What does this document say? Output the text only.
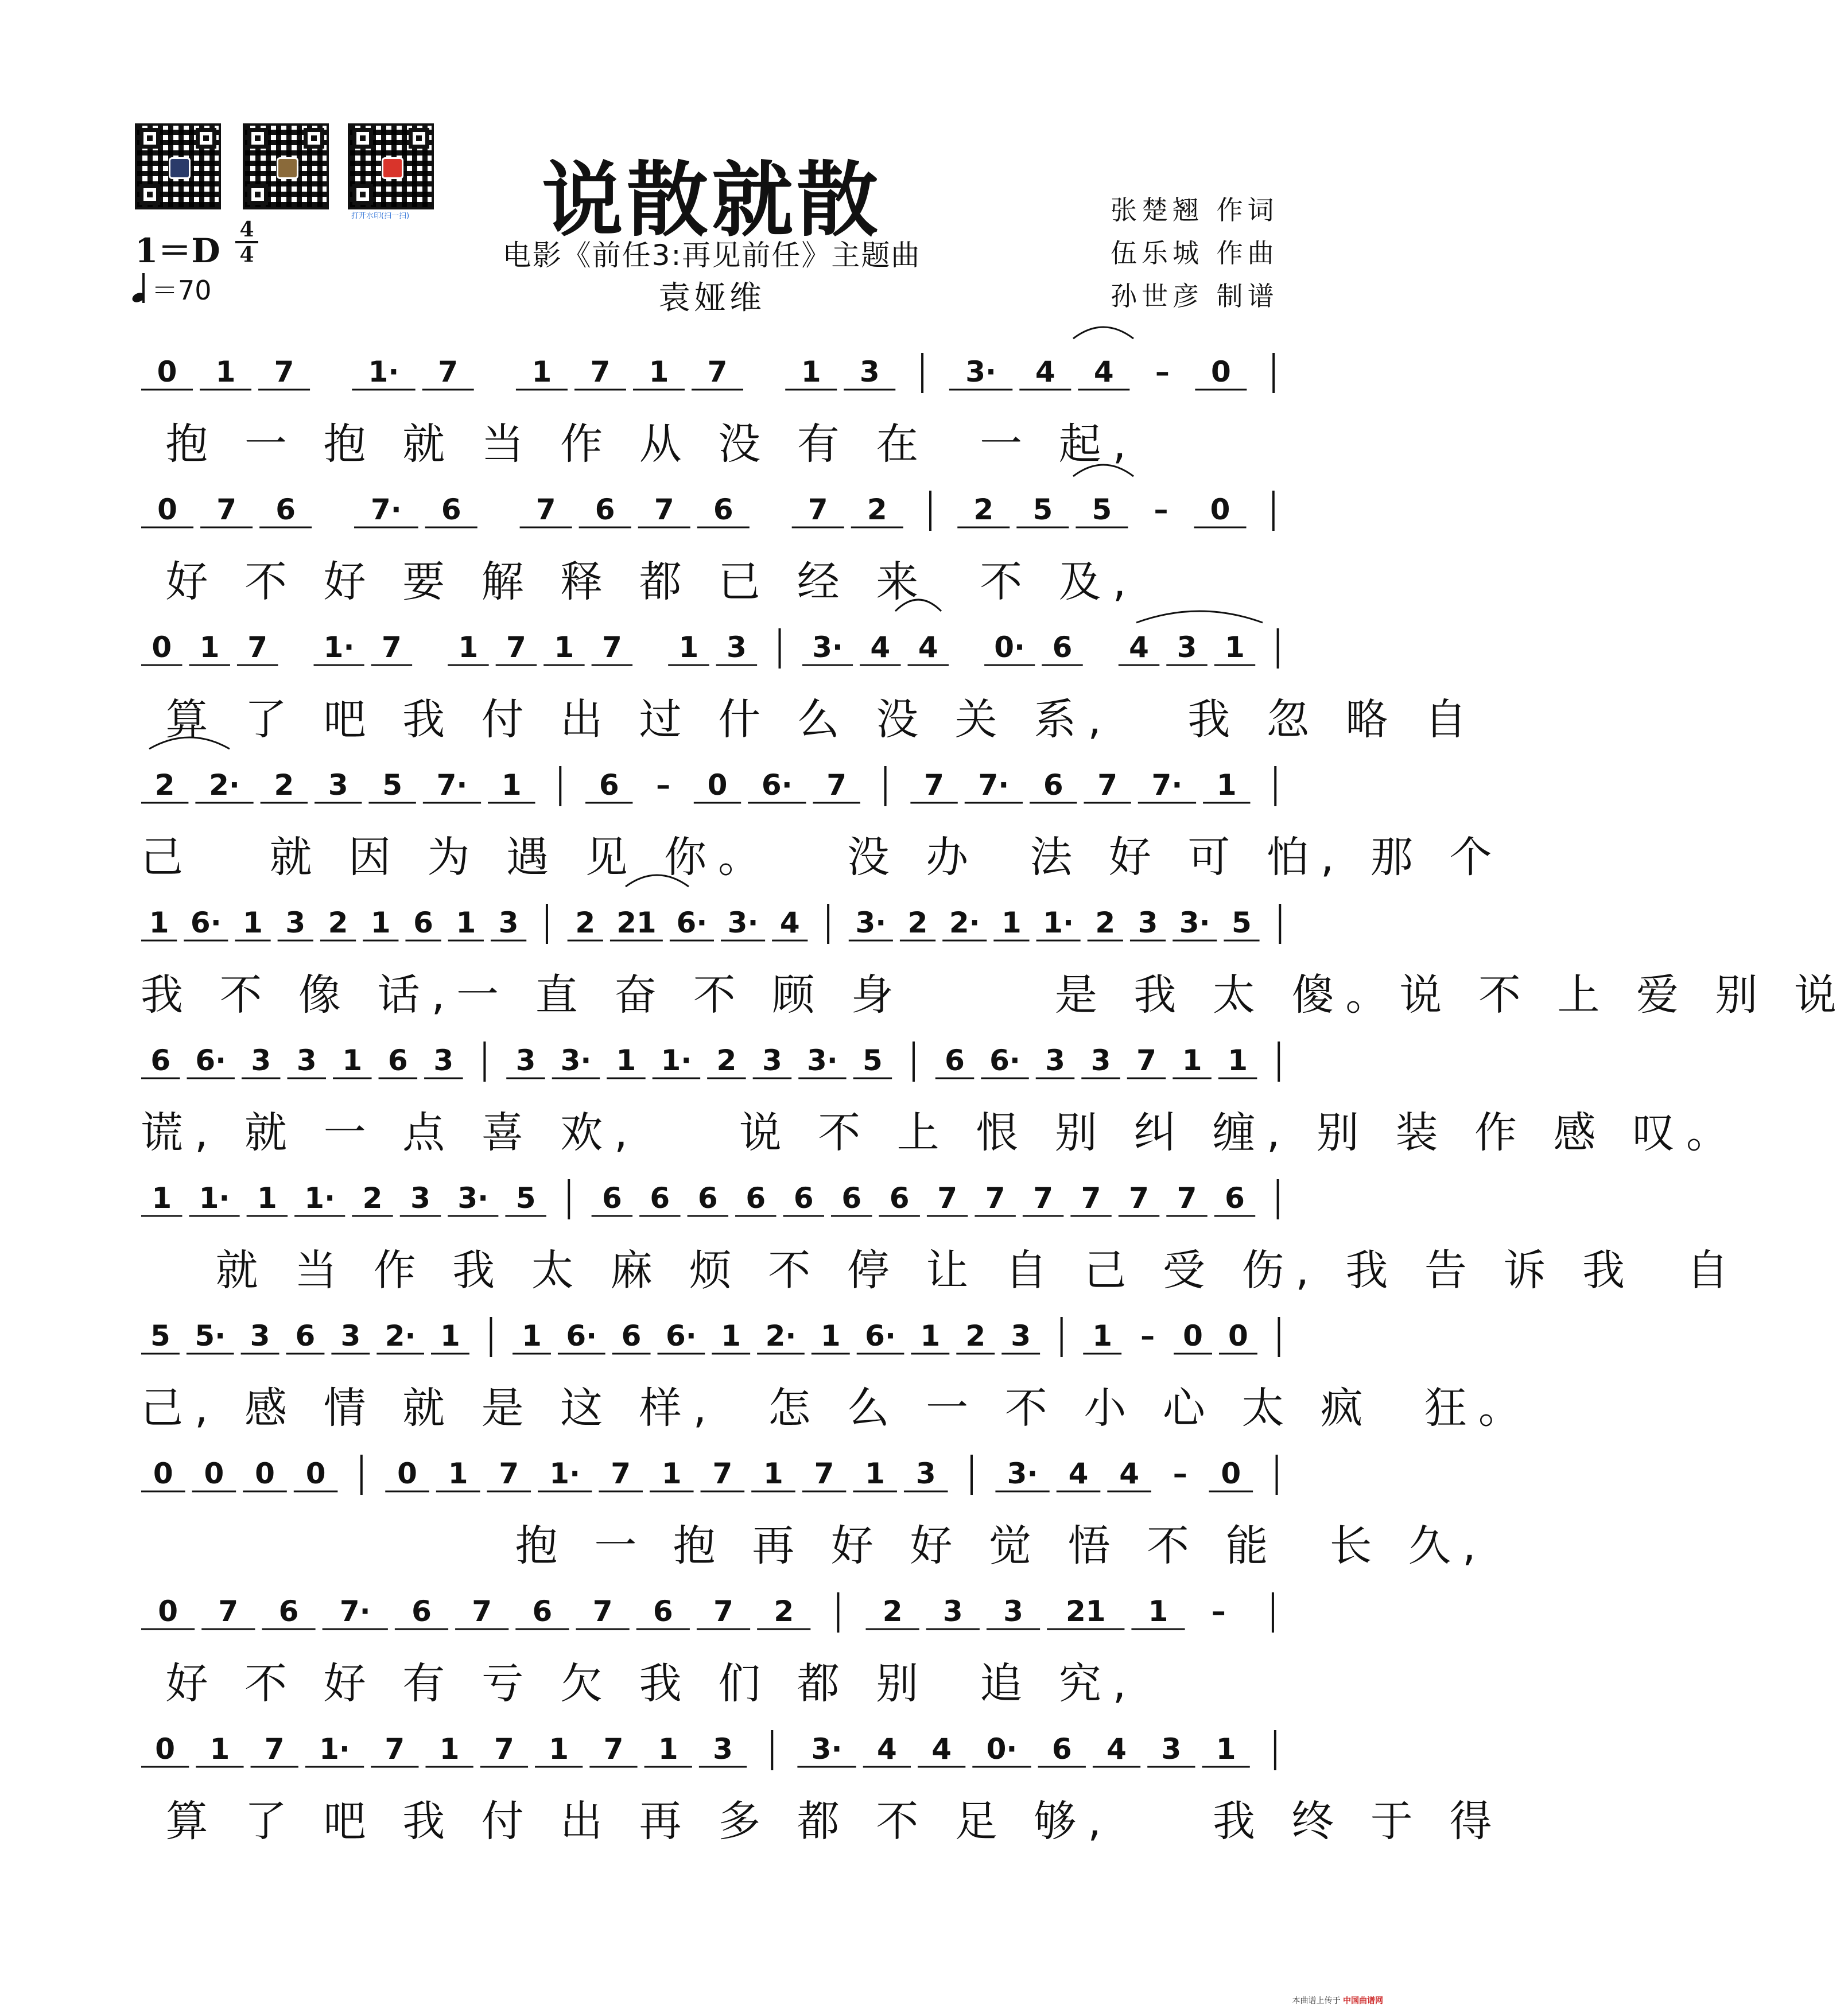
打开水印(扫一扫)	说散就散
电影《前任3:再见前任》主题曲
袁娅维
张楚翘 作词
伍乐城 作曲
孙世彦 制谱
1＝D
4
4
＝70
0 1 7	1· 7	1 7 1 7	1 3	3· 4 4 – 0
0 7 6	7· 6	7 6 7 6	7 2	2 5 5 – 0
0 1 7 1· 7 1 7 1 7 1 3 3· 4 4 0· 6 4 3 1
2 2· 2 3 5 7· 1	6 – 0 6· 7	7 7· 6 7 7· 1
1 6· 1 3 2 1 6 1 3 2 21 6· 3· 4 3· 2 2· 1 1· 2 3 3· 5
6 6· 3 3 1 6 3 3 3· 1 1· 2 3 3· 5 6 6· 3 3 7 1 1
1 1· 1 1· 2 3 3· 5 6 6 6 6 6 6 6 7 7 7 7 7 7 6
5 5· 3 6 3 2· 1 1 6· 6 6· 1 2· 1 6· 1 2 3 1 – 0 0
0 0 0 0 0 1 7 1· 7 1 7 1 7 1 3 3· 4 4 – 0
0 7 6 7· 6 7 6 7 6 7 2	2 3 3 21 1 –
0 1 7 1· 7 1 7 1 7 1 3	3· 4 4 0· 6 4 3 1
抱 一 抱 就 当 作 从 没 有 在  一 起,
好 不 好 要 解 释 都 已 经 来  不 及,
算 了 吧 我 付 出 过 什 么 没 关 系,   我 忽 略 自
己   就 因 为 遇 见 你。   没 办  法 好 可 怕, 那 个
我 不 像 话,一 直 奋 不 顾 身      是 我 太 傻。说 不 上 爱 别 说
谎, 就 一 点 喜 欢,    说 不 上 恨 别 纠 缠, 别 装 作 感 叹。
就 当 作 我 太 麻 烦 不 停 让 自 己 受 伤, 我 告 诉 我  自
己, 感 情 就 是 这 样,  怎 么 一 不 小 心 太 疯  狂。
抱 一 抱 再 好 好 觉 悟 不 能  长 久,
好 不 好 有 亏 欠 我 们 都 别  追 究,
算 了 吧 我 付 出 再 多 都 不 足 够,    我 终 于 得
本曲谱上传于 中国曲谱网
